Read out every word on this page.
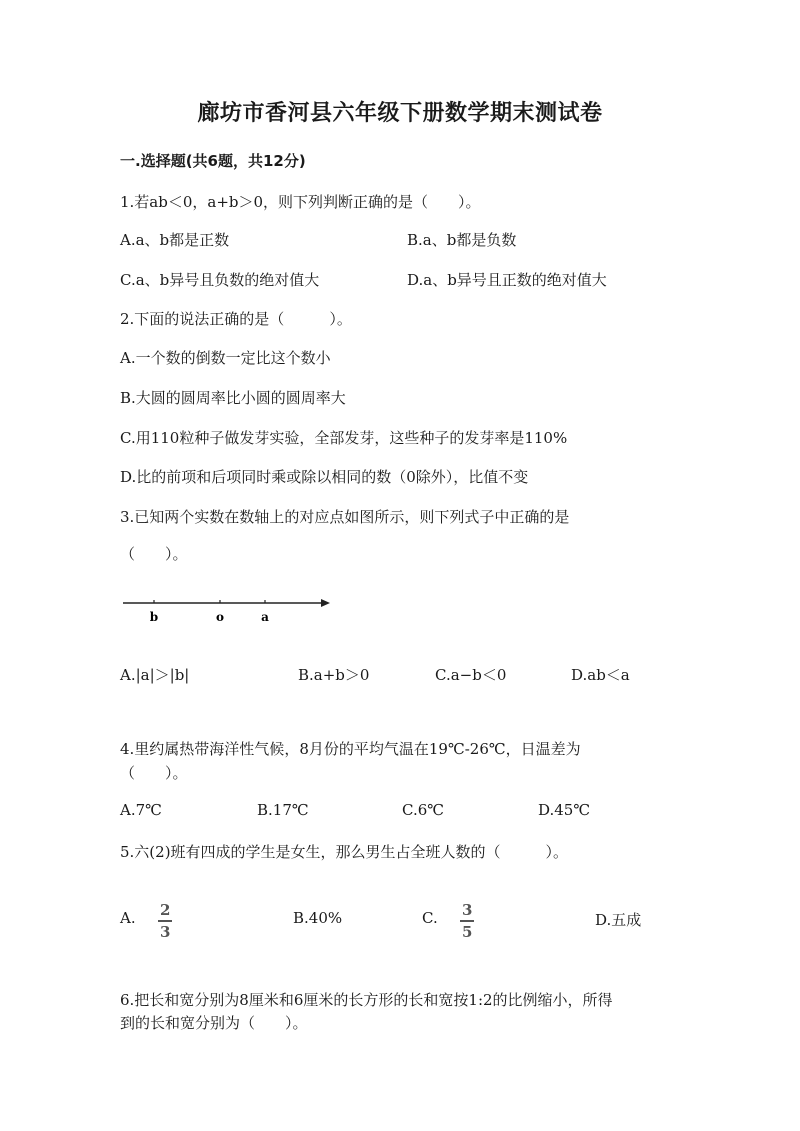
廊坊市香河县六年级下册数学期末测试卷
一.选择题(共6题，共12分)
1.若ab＜0，a+b＞0，则下列判断正确的是（　　）。
A.a、b都是正数	B.a、b都是负数
C.a、b异号且负数的绝对值大	D.a、b异号且正数的绝对值大
2.下面的说法正确的是（　　　）。
A.一个数的倒数一定比这个数小
B.大圆的圆周率比小圆的圆周率大
C.用110粒种子做发芽实验，全部发芽，这些种子的发芽率是110%
D.比的前项和后项同时乘或除以相同的数（0除外），比值不变
3.已知两个实数在数轴上的对应点如图所示，则下列式子中正确的是
（　　）。
b	o	a
A.|a|＞|b|	B.a+b＞0	C.a−b＜0	D.ab＜a
4.里约属热带海洋性气候，8月份的平均气温在19℃-26℃，日温差为
（　　）。
A.7℃	B.17℃	C.6℃	D.45℃
5.六(2)班有四成的学生是女生，那么男生占全班人数的（　　　）。
A. 2
3
B.40%	C. 3
5
D.五成
6.把长和宽分别为8厘米和6厘米的长方形的长和宽按1:2的比例缩小，所得
到的长和宽分别为（　　）。
